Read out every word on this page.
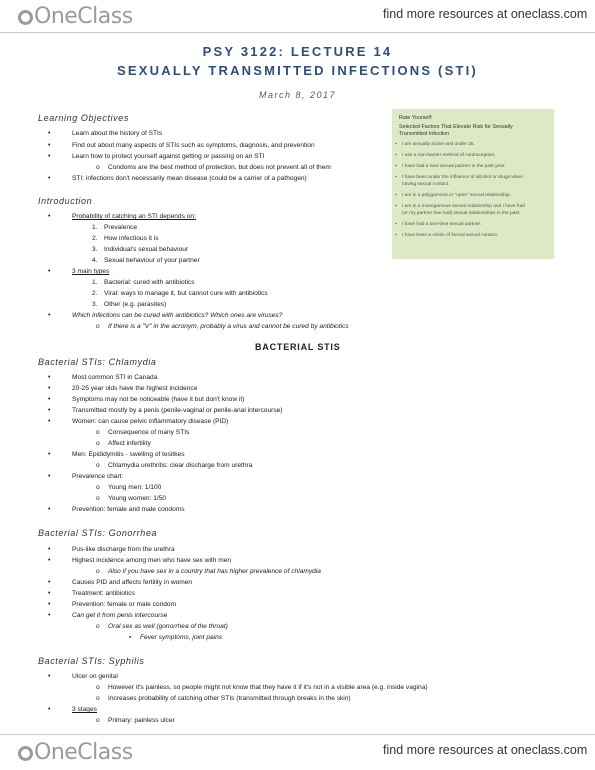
OneClass	find more resources at oneclass.com
PSY 3122: LECTURE 14
SEXUALLY TRANSMITTED INFECTIONS (STI)
March 8, 2017
Rate Yourself:
Selected Factors That Elevate Risk for Sexually
Transmitted Infection
▪ I am sexually active and under 25.
▪ I use a non-barrier method of contraception.
▪ I have had a new sexual partner in the past year.
▪ I have been under the influence of alcohol or drugs when
having sexual contact.
▪ I am in a polygamous or "open" sexual relationship.
▪ I am in a monogamous sexual relationship and I have had
(or my partner has had) sexual relationships in the past.
▪ I have had a one-time sexual partner.
▪ I have been a victim of forced sexual contact.
Learning Objectives
• Learn about the history of STIs
• Find out about many aspects of STIs such as symptoms, diagnosis, and prevention
• Learn how to protect yourself against getting or passing on an STI
o Condoms are the best method of protection, but does not prevent all of them
• STI: infections don't necessarily mean disease (could be a carrier of a pathogen)
Introduction
• Probability of catching an STI depends on:
1. Prevalence
2. How infectious it is
3. Individual's sexual behaviour
4. Sexual behaviour of your partner
• 3 main types
1. Bacterial: cured with antibiotics
2. Viral: ways to manage it, but cannot cure with antibiotics
3. Other (e.g. parasites)
• Which infections can be cured with antibiotics? Which ones are viruses?
o If there is a "V" in the acronym, probably a virus and cannot be cured by antibiotics
BACTERIAL STIS
Bacterial STIs: Chlamydia
• Most common STI in Canada
• 20-25 year olds have the highest incidence
• Symptoms may not be noticeable (have it but don't know it)
• Transmitted mostly by a penis (penile-vaginal or penile-anal intercourse)
• Women: can cause pelvic inflammatory disease (PID)
o Consequence of many STIs
o Affect infertility
• Men: Epididymitis - swelling of tesitkes
o Chlamydia urethritis: clear discharge from urethra
• Prevalence chart:
o Young men: 1/100
o Young women: 1/50
• Prevention: female and male condoms
Bacterial STIs: Gonorrhea
• Pus-like discharge from the urethra
• Highest incidence among men who have sex with men
o Also if you have sex in a country that has higher prevalence of chlamydia
• Causes PID and affects fertility in women
• Treatment: antibiotics
• Prevention: female or male condom
• Can get it from penis intercourse
o Oral sex as well (gonorrhea of the throat)
▪ Fever symptoms, joint pains
Bacterial STIs: Syphilis
• Ulcer on genital
o However it's painless, so people might not know that they have it if it's not in a visible area (e.g. inside vagina)
o Increases probability of catching other STIs (transmitted through breaks in the skin)
• 3 stages
o Primary: painless ulcer
OneClass	find more resources at oneclass.com
